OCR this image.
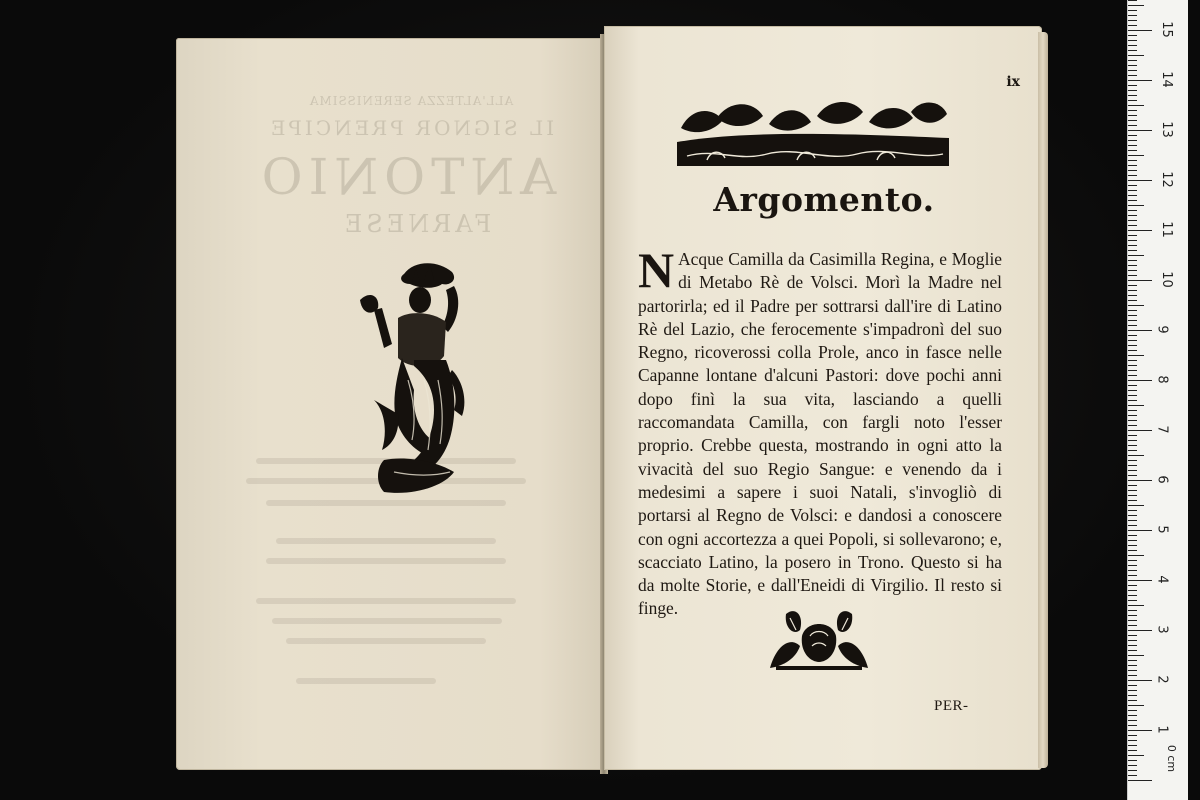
ALL'ALTEZZA SERENISSIMA
IL SIGNOR PRENCIPE
ANTONIO
FARNESE
ix
Argomento.
N Acque Camilla da Casimilla Regina, e Moglie di Metabo Rè de Volsci. Morì la Madre nel partorirla; ed il Padre per sottrarsi dall'ire di Latino Rè del Lazio, che ferocemente s'impadronì del suo Regno, ricoverossi colla Prole, anco in fasce nelle Capanne lontane d'alcuni Pastori: dove pochi anni dopo finì la sua vita, lasciando a quelli raccomandata Camilla, con fargli noto l'esser proprio. Crebbe questa, mostrando in ogni atto la vivacità del suo Regio Sangue: e venendo da i medesimi a sapere i suoi Natali, s'invogliò di portarsi al Regno de Volsci: e dandosi a conoscere con ogni accortezza a quei Popoli, si sollevarono; e, scacciato Latino, la posero in Trono. Questo si ha da molte Storie, e dall'Eneidi di Virgilio. Il resto si finge.
PER-
15
14
13
12
11
10
9
8
7
6
5
4
3
2
1
0 cm
